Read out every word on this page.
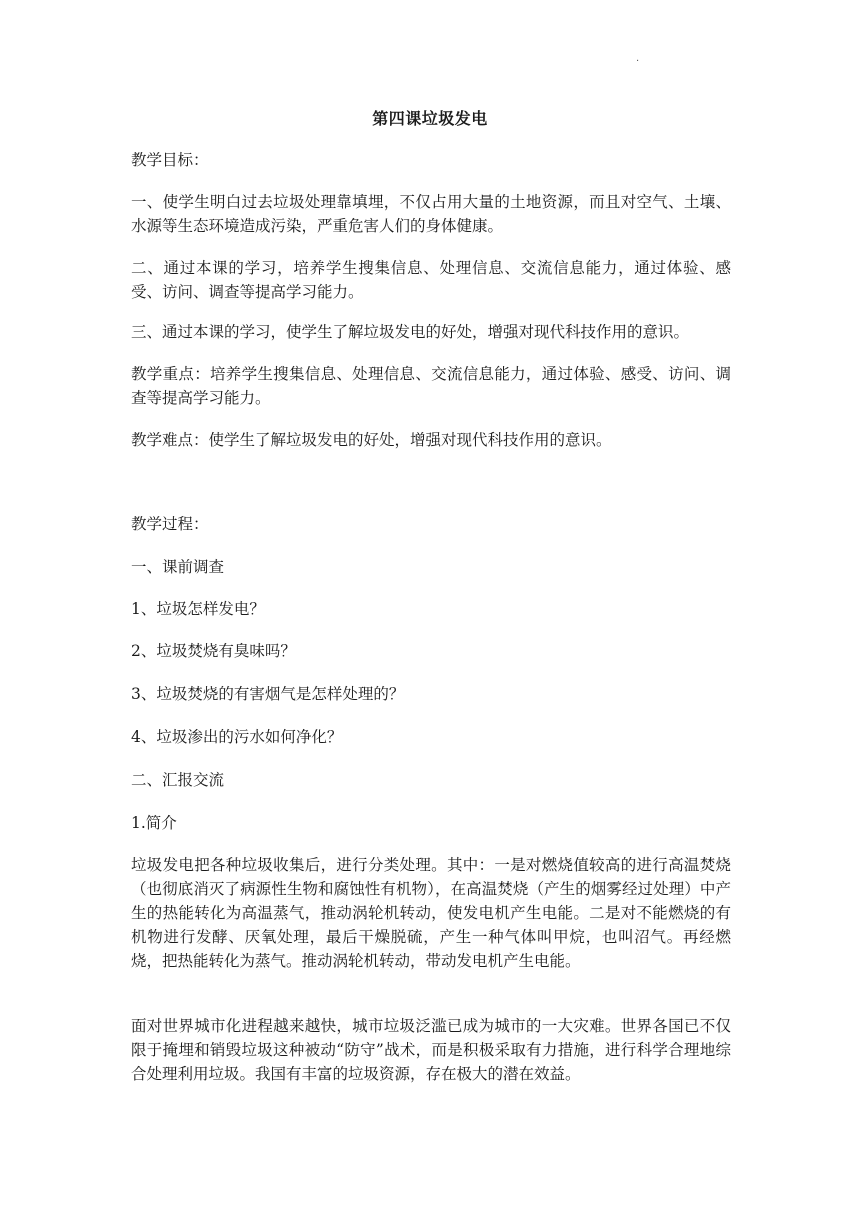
·
第四课垃圾发电

教学目标：

一、使学生明白过去垃圾处理靠填埋，不仅占用大量的土地资源，而且对空气、土壤、水源等生态环境造成污染，严重危害人们的身体健康。

二、通过本课的学习，培养学生搜集信息、处理信息、交流信息能力，通过体验、感受、访问、调查等提高学习能力。

三、通过本课的学习，使学生了解垃圾发电的好处，增强对现代科技作用的意识。

教学重点：培养学生搜集信息、处理信息、交流信息能力，通过体验、感受、访问、调查等提高学习能力。

教学难点：使学生了解垃圾发电的好处，增强对现代科技作用的意识。

教学过程：

一、课前调查

1、垃圾怎样发电？

2、垃圾焚烧有臭味吗？

3、垃圾焚烧的有害烟气是怎样处理的？

4、垃圾渗出的污水如何净化？

二、汇报交流

1.简介

垃圾发电把各种垃圾收集后，进行分类处理。其中：一是对燃烧值较高的进行高温焚烧（也彻底消灭了病源性生物和腐蚀性有机物），在高温焚烧（产生的烟雾经过处理）中产生的热能转化为高温蒸气，推动涡轮机转动，使发电机产生电能。二是对不能燃烧的有机物进行发酵、厌氧处理，最后干燥脱硫，产生一种气体叫甲烷，也叫沼气。再经燃烧，把热能转化为蒸气。推动涡轮机转动，带动发电机产生电能。

面对世界城市化进程越来越快，城市垃圾泛滥已成为城市的一大灾难。世界各国已不仅限于掩埋和销毁垃圾这种被动“防守”战术，而是积极采取有力措施，进行科学合理地综合处理利用垃圾。我国有丰富的垃圾资源，存在极大的潜在效益。
